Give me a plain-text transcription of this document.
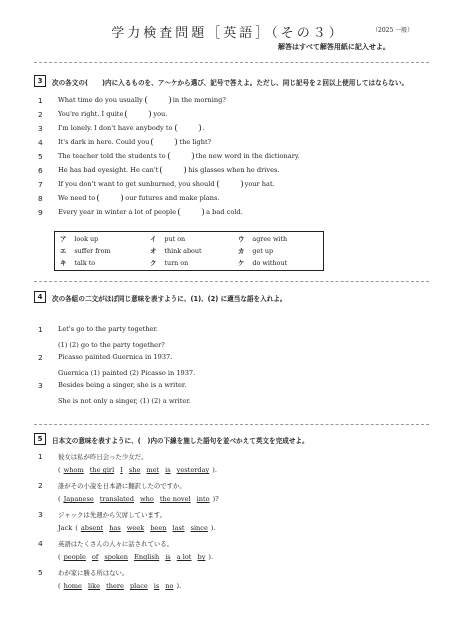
学力検査問題［英語］（その３）	（2025 一般）
解答はすべて解答用紙に記入せよ。
3	次の各文の( )内に入るものを、ア〜ケから選び、記号で答えよ。ただし、同じ記号を２回以上使用してはならない。
1 What time do you usually	in the morning?
2 You're right. I quite	you.
3 I'm lonely. I don't have anybody to	.
4 It's dark in here. Could you	the light?
5 The teacher told the students to	the new word in the dictionary.
6 He has bad eyesight. He can't	his glasses when he drives.
7 If you don't want to get sunburned, you should	your hat.
8 We need to	our futures and make plans.
9 Every year in winter a lot of people	a bad cold.
ア look up	イ put on	ウ agree with
エ suffer from	オ think about	カ get up
キ talk to	ク turn on	ケ do without
4	次の各組の二文がほぼ同じ意味を表すように、(1)、(2) に適当な語を入れよ。
1 Let's go to the party together.
(1) (2) go to the party together?
2 Picasso painted Guernica in 1937.
Guernica (1) painted (2) Picasso in 1937.
3 Besides being a singer, she is a writer.
She is not only a singer, (1) (2) a writer.
5	日本文の意味を表すように、(　)内の下線を施した語句を並べかえて英文を完成せよ。
1 彼女は私が昨日会った少女だ。
( whom the girl I she met is yesterday ).
2 誰がその小説を日本語に翻訳したのですか。
( Japanese translated who the novel into )?
3 ジャックは先週から欠席しています。
Jack ( absent has week been last since ).
4 英語はたくさんの人々に話されている。
( people of spoken English is a lot by ).
5 わが家に勝る所はない。
( home like there place is no ).
